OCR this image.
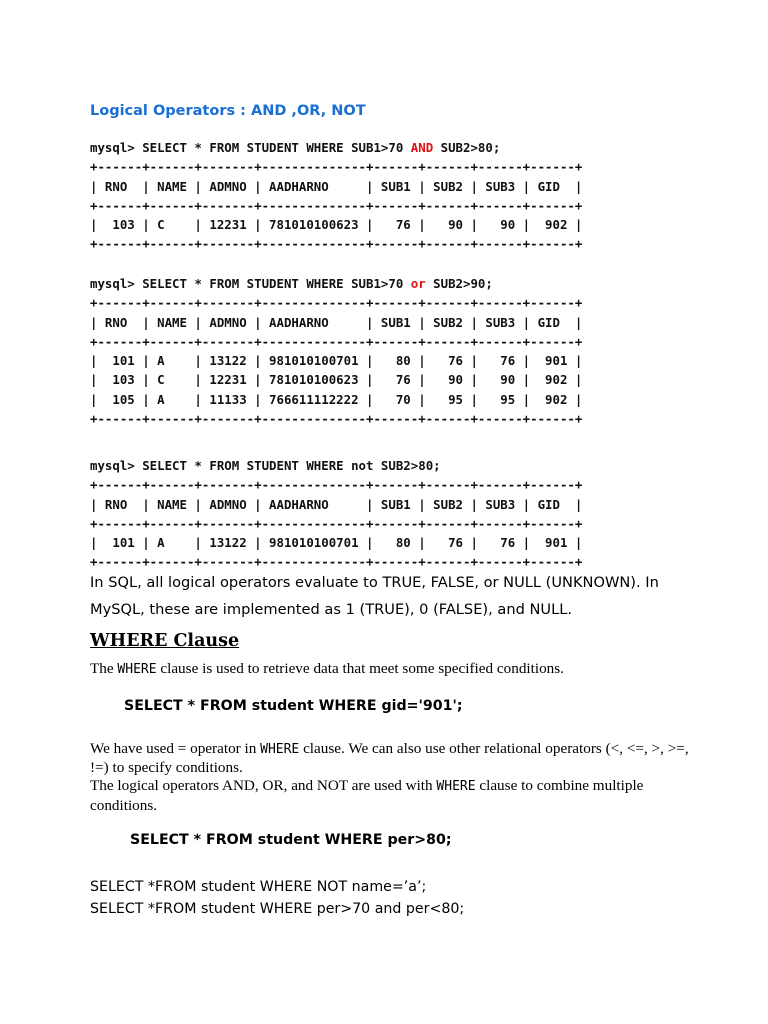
Logical Operators : AND ,OR, NOT
mysql> SELECT * FROM STUDENT WHERE SUB1>70 AND SUB2>80;
+------+------+-------+--------------+------+------+------+------+
| RNO  | NAME | ADMNO | AADHARNO     | SUB1 | SUB2 | SUB3 | GID  |
+------+------+-------+--------------+------+------+------+------+
|  103 | C    | 12231 | 781010100623 |   76 |   90 |   90 |  902 |
+------+------+-------+--------------+------+------+------+------+
mysql> SELECT * FROM STUDENT WHERE SUB1>70 or SUB2>90;
+------+------+-------+--------------+------+------+------+------+
| RNO  | NAME | ADMNO | AADHARNO     | SUB1 | SUB2 | SUB3 | GID  |
+------+------+-------+--------------+------+------+------+------+
|  101 | A    | 13122 | 981010100701 |   80 |   76 |   76 |  901 |
|  103 | C    | 12231 | 781010100623 |   76 |   90 |   90 |  902 |
|  105 | A    | 11133 | 766611112222 |   70 |   95 |   95 |  902 |
+------+------+-------+--------------+------+------+------+------+
mysql> SELECT * FROM STUDENT WHERE not SUB2>80;
+------+------+-------+--------------+------+------+------+------+
| RNO  | NAME | ADMNO | AADHARNO     | SUB1 | SUB2 | SUB3 | GID  |
+------+------+-------+--------------+------+------+------+------+
|  101 | A    | 13122 | 981010100701 |   80 |   76 |   76 |  901 |
+------+------+-------+--------------+------+------+------+------+
In SQL, all logical operators evaluate to TRUE, FALSE, or NULL (UNKNOWN). In MySQL, these are implemented as 1 (TRUE), 0 (FALSE), and NULL.
WHERE Clause
The WHERE clause is used to retrieve data that meet some specified conditions.
SELECT * FROM student WHERE gid='901';
We have used = operator in WHERE clause. We can also use other relational operators (<, <=, >, >=, !=) to specify conditions.
The logical operators AND, OR, and NOT are used with WHERE clause to combine multiple conditions.
SELECT * FROM student WHERE per>80;
SELECT *FROM student WHERE NOT name=’a’;
SELECT *FROM student WHERE per>70 and per<80;
